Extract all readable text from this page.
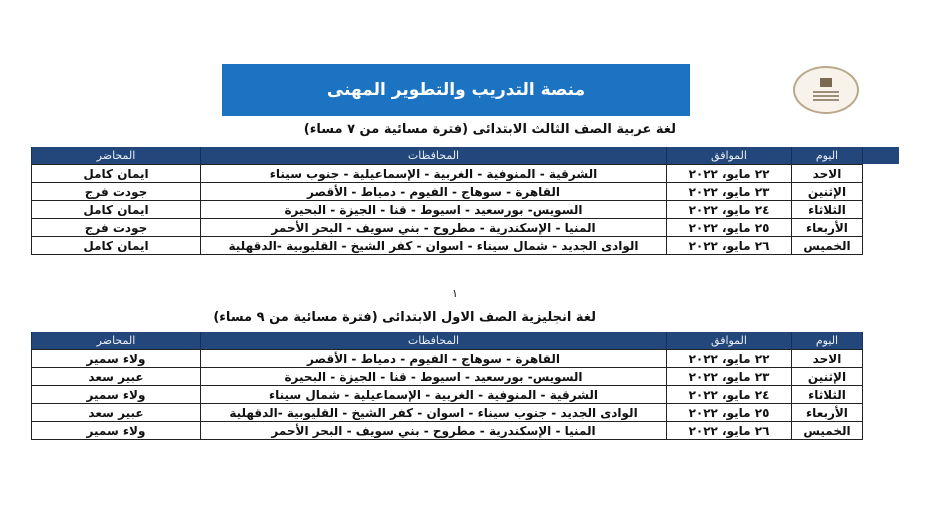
منصة التدريب والتطوير المهنى
لغة عربية الصف الثالث الابتدائى (فترة مسائية من ٧ مساء)
اليوم	الموافق	المحافظات	المحاضر
الاحد	٢٢ مايو، ٢٠٢٢	الشرقية - المنوفية - الغربية - الإسماعيلية - جنوب سيناء	ايمان كامل
الإثنين	٢٣ مايو، ٢٠٢٢	القاهرة - سوهاج - الفيوم - دمياط - الأقصر	جودت فرج
الثلاثاء	٢٤ مايو، ٢٠٢٢	السويس- بورسعيد - اسيوط - قنا - الجيزة - البحيرة	ايمان كامل
الأربعاء	٢٥ مايو، ٢٠٢٢	المنيا - الإسكندرية - مطروح - بني سويف - البحر الأحمر	جودت فرج
الخميس	٢٦ مايو، ٢٠٢٢	الوادى الجديد - شمال سيناء - اسوان - كفر الشيخ - القليوبية -الدقهلية	ايمان كامل
١
لغة انجليزية الصف الاول الابتدائى (فترة مسائية من ٩ مساء)
اليوم	الموافق	المحافظات	المحاضر
الاحد	٢٢ مايو، ٢٠٢٢	القاهرة - سوهاج - الفيوم - دمياط - الأقصر	ولاء سمير
الإثنين	٢٣ مايو، ٢٠٢٢	السويس- بورسعيد - اسيوط - قنا - الجيزة - البحيرة	عبير سعد
الثلاثاء	٢٤ مايو، ٢٠٢٢	الشرقية - المنوفية - الغربية - الإسماعيلية - شمال سيناء	ولاء سمير
الأربعاء	٢٥ مايو، ٢٠٢٢	الوادى الجديد - جنوب سيناء - اسوان - كفر الشيخ - القليوبية -الدقهلية	عبير سعد
الخميس	٢٦ مايو، ٢٠٢٢	المنيا - الإسكندرية - مطروح - بني سويف - البحر الأحمر	ولاء سمير
